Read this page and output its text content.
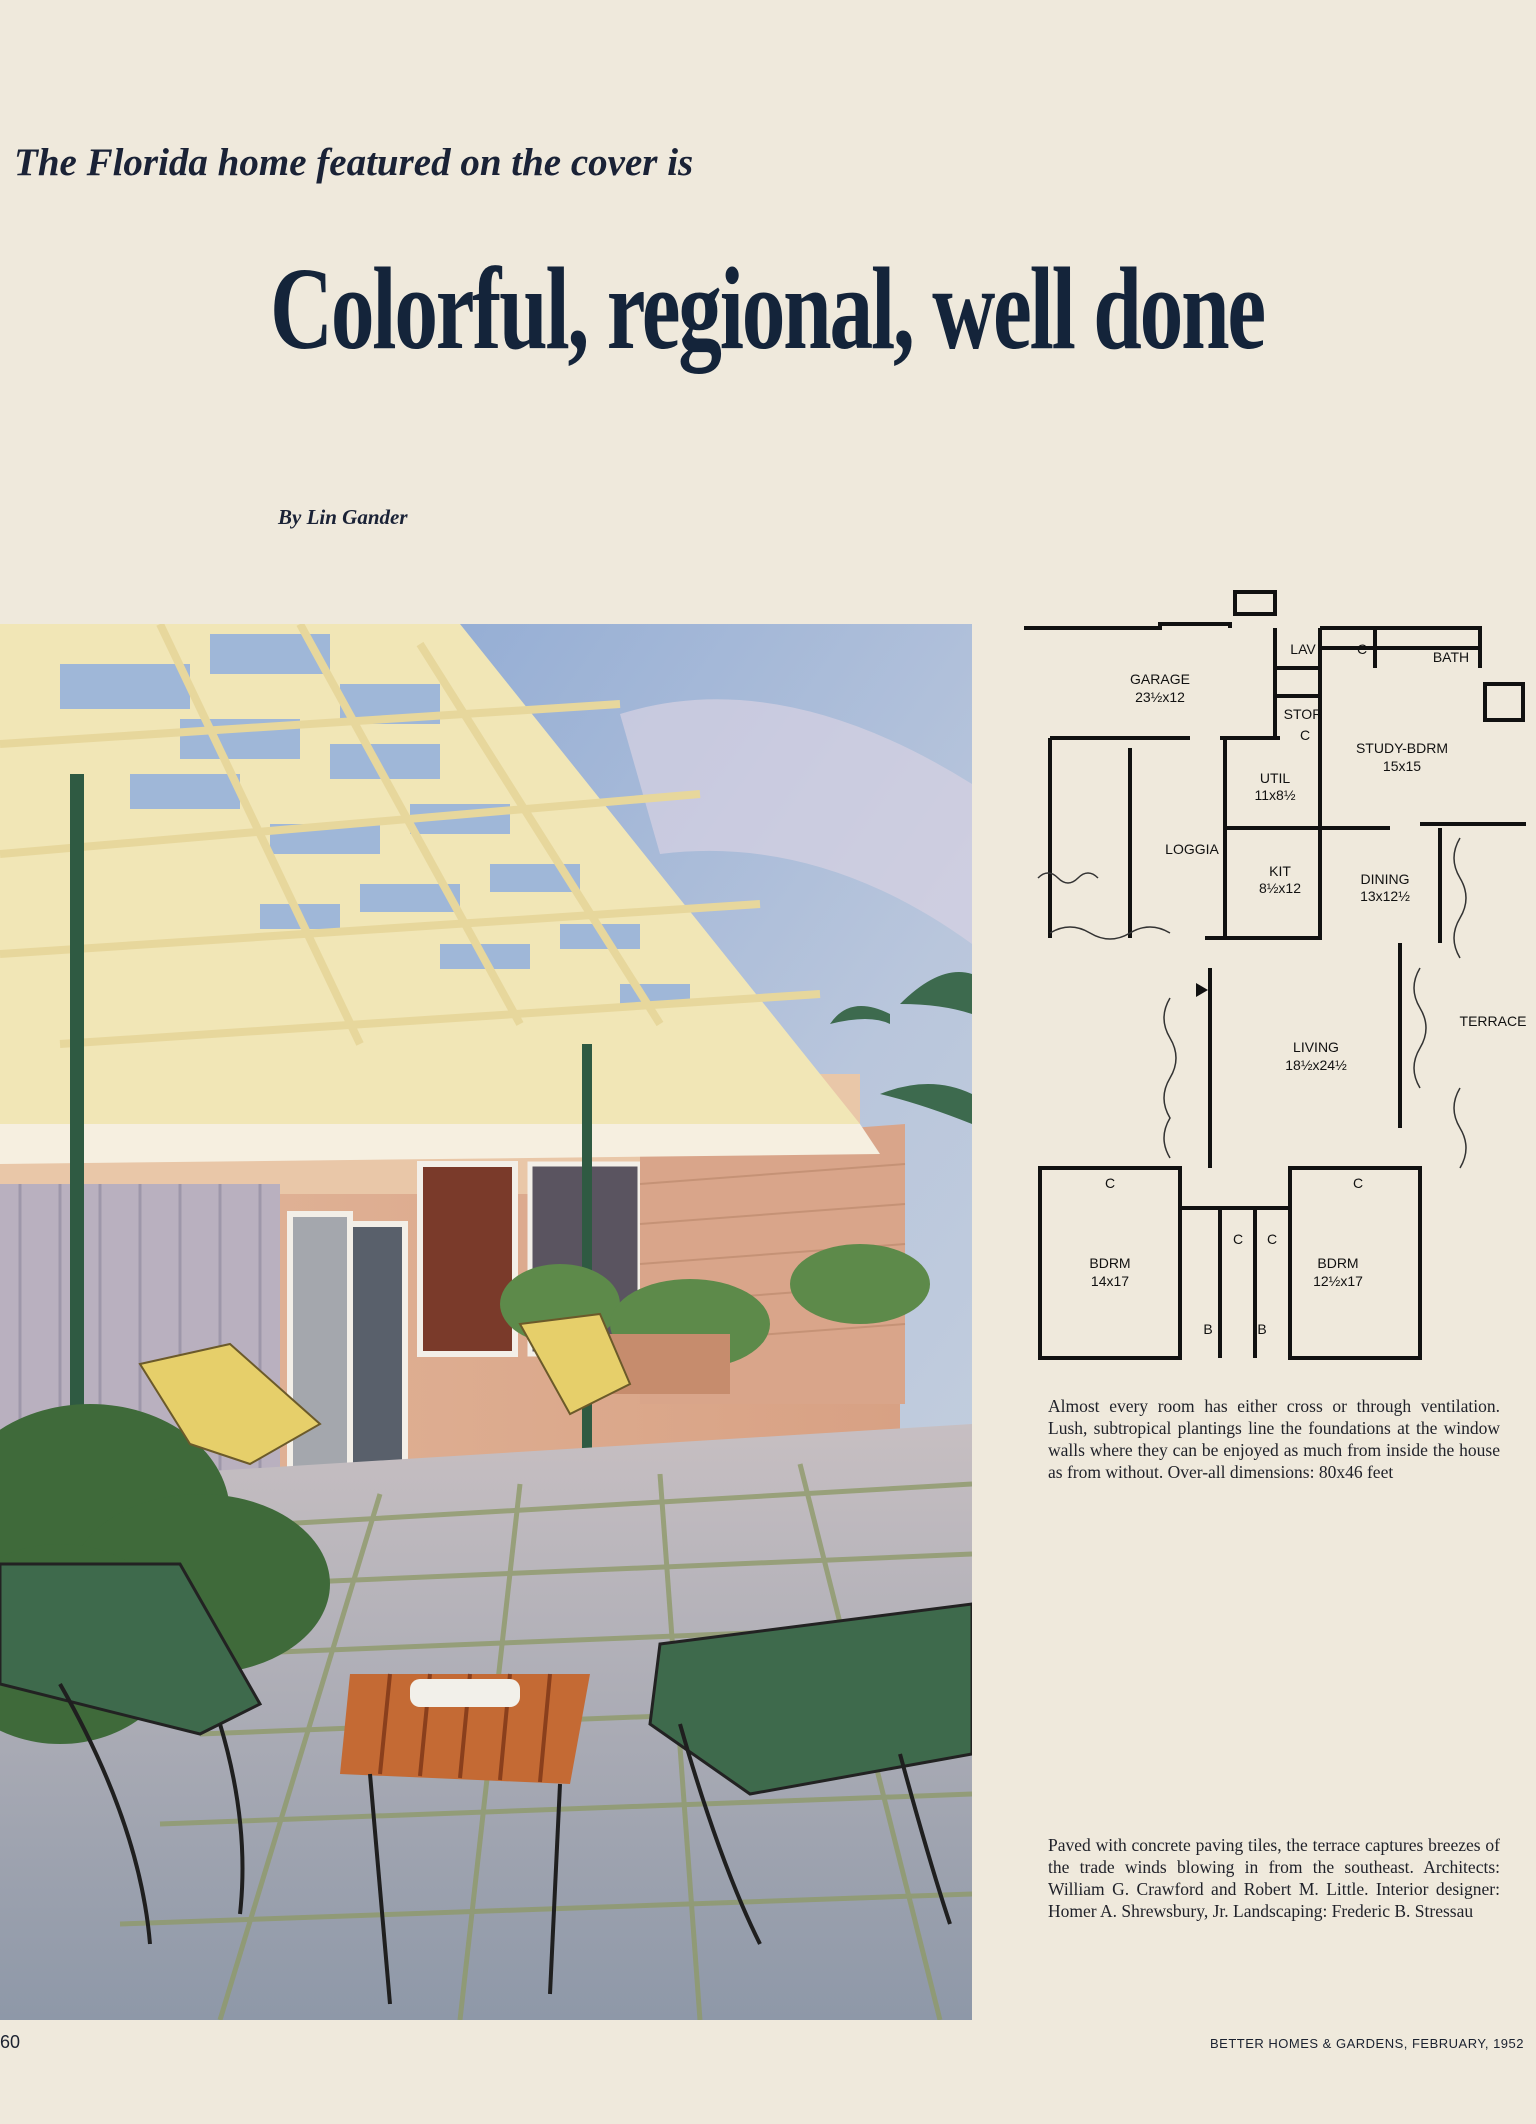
The Florida home featured on the cover is
Colorful, regional, well done
By Lin Gander
GARAGE
23½x12
LAV
STOR
C
C	BATH
STUDY-BDRM
15x15
UTIL
11x8½
LOGGIA
KIT
8½x12
DINING
13x12½
TERRACE
LIVING
18½x24½
C	C
C C
BDRM
14x17
BDRM
12½x17
B	B
Almost every room has either cross or through ventilation. Lush, subtropical plantings line the foundations at the window walls where they can be enjoyed as much from inside the house as from without. Over-all dimensions: 80x46 feet
Paved with concrete paving tiles, the terrace captures breezes of the trade winds blowing in from the southeast. Architects: William G. Crawford and Robert M. Little. Interior designer: Homer A. Shrewsbury, Jr. Landscaping: Frederic B. Stressau
60	BETTER HOMES & GARDENS, FEBRUARY, 1952
